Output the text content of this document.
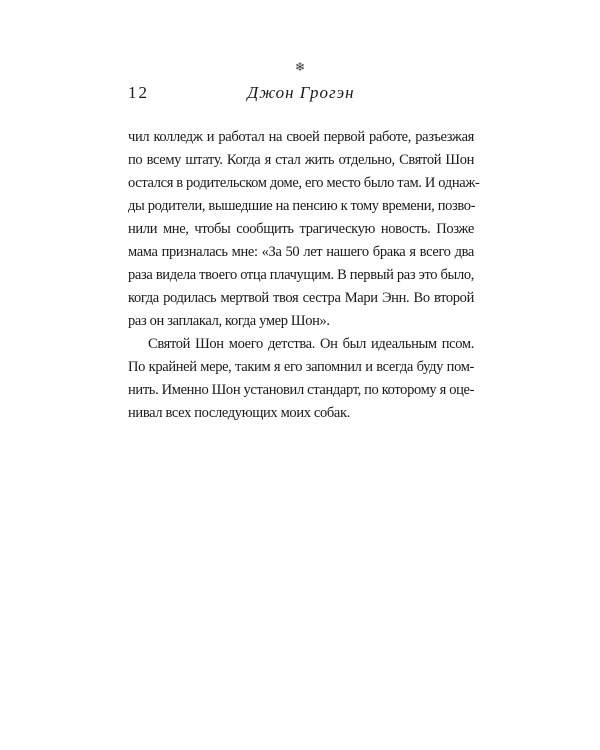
❄
12	Джон Грогэн
чил колледж и работал на своей первой работе, разъезжая
по всему штату. Когда я стал жить отдельно, Святой Шон
остался в родительском доме, его место было там. И однаж-
ды родители, вышедшие на пенсию к тому времени, позво-
нили мне, чтобы сообщить трагическую новость. Позже
мама призналась мне: «За 50 лет нашего брака я всего два
раза видела твоего отца плачущим. В первый раз это было,
когда родилась мертвой твоя сестра Мари Энн. Во второй
раз он заплакал, когда умер Шон».
Святой Шон моего детства. Он был идеальным псом.
По крайней мере, таким я его запомнил и всегда буду пом-
нить. Именно Шон установил стандарт, по которому я оце-
нивал всех последующих моих собак.
